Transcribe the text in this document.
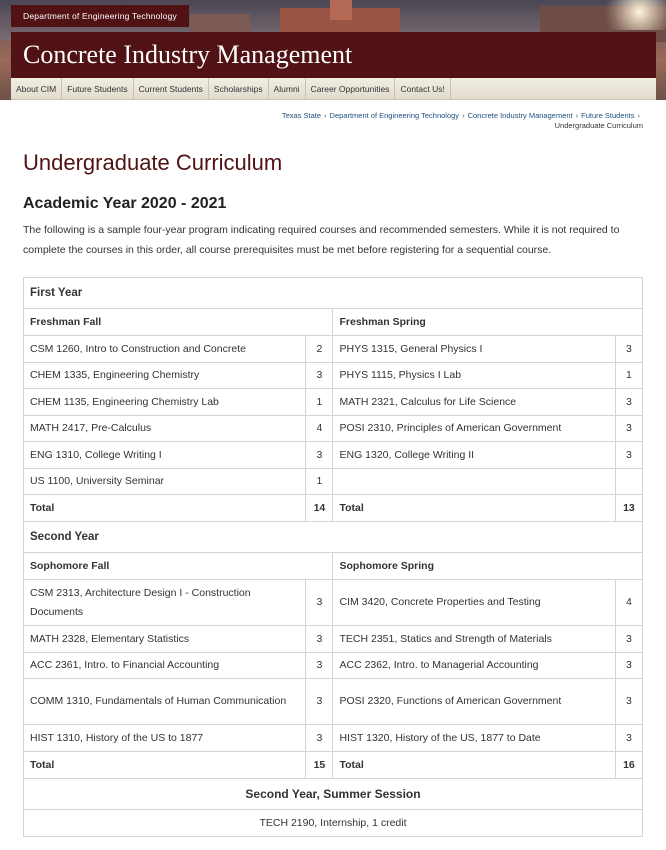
Department of Engineering Technology
Concrete Industry Management
About CIM	Future Students	Current Students	Scholarships	Alumni	Career Opportunities	Contact Us!
Texas State › Department of Engineering Technology › Concrete Industry Management › Future Students ›
Undergraduate Curriculum
Undergraduate Curriculum
Academic Year 2020 - 2021

The following is a sample four-year program indicating required courses and recommended semesters. While it is not required to complete the courses in this order, all course prerequisites must be met before registering for a sequential course.

First Year			
Freshman Fall		Freshman Spring	
CSM 1260, Intro to Construction and Concrete	2	PHYS 1315, General Physics I	3
CHEM 1335, Engineering Chemistry	3	PHYS 1115, Physics I Lab	1
CHEM 1135, Engineering Chemistry Lab	1	MATH 2321, Calculus for Life Science	3
MATH 2417, Pre-Calculus	4	POSI 2310, Principles of American Government	3
ENG 1310, College Writing I	3	ENG 1320, College Writing II	3
US 1100, University Seminar	1		
Total	14	Total	13
Second Year			
Sophomore Fall		Sophomore Spring	
CSM 2313, Architecture Design I - Construction Documents	3	CIM 3420, Concrete Properties and Testing	4
MATH 2328, Elementary Statistics	3	TECH 2351, Statics and Strength of Materials	3
ACC 2361, Intro. to Financial Accounting	3	ACC 2362, Intro. to Managerial Accounting	3
COMM 1310, Fundamentals of Human Communication	3	POSI 2320, Functions of American Government	3
HIST 1310, History of the US to 1877	3	HIST 1320, History of the US, 1877 to Date	3
Total	15	Total	16
Second Year, Summer Session			
TECH 2190, Internship, 1 credit			
